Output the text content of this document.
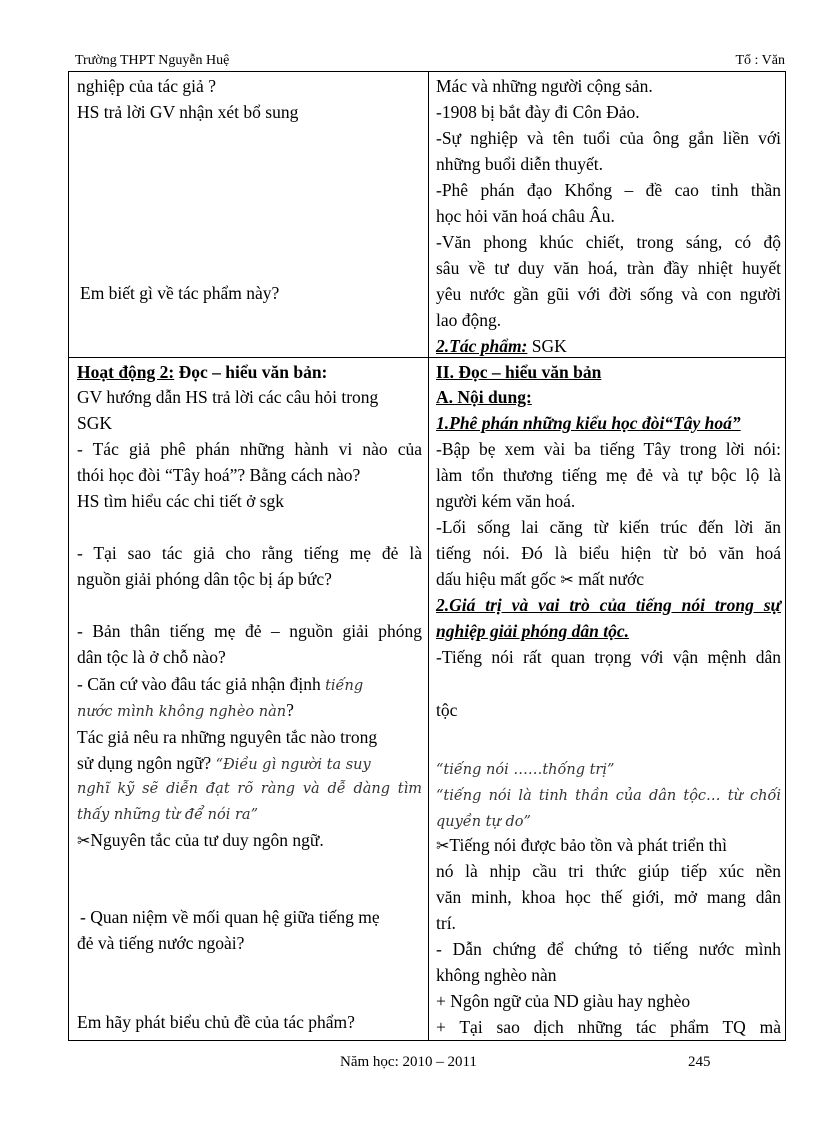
Trường THPT Nguyễn Huệ	Tổ : Văn
nghiệp của tác giả ?
HS trả lời GV nhận xét bổ sung
Em biết gì về tác phẩm này?
Hoạt động 2: Đọc – hiểu văn bản:
GV hướng dẫn HS trả lời các câu hỏi trong
SGK
- Tác giả phê phán những hành vi nào của
thói học đòi “Tây hoá”? Bằng cách nào?
HS tìm hiểu các chi tiết ở sgk
- Tại sao tác giả cho rằng tiếng mẹ đẻ là
nguồn giải phóng dân tộc bị áp bức?
- Bản thân tiếng mẹ đẻ – nguồn giải phóng
dân tộc là ở chỗ nào?
- Căn cứ vào đâu tác giả nhận định tiếng
nước mình không nghèo nàn?
Tác giả nêu ra những nguyên tắc nào trong
sử dụng ngôn ngữ? “Điều gì người ta suy
nghĩ kỹ sẽ diễn đạt rõ ràng và dễ dàng tìm
thấy những từ để nói ra”
✂Nguyên tắc của tư duy ngôn ngữ.
- Quan niệm về mối quan hệ giữa tiếng mẹ
đẻ và tiếng nước ngoài?
Em hãy phát biểu chủ đề của tác phẩm?
Mác và những người cộng sản.
-1908 bị bắt đày đi Côn Đảo.
-Sự nghiệp và tên tuổi của ông gắn liền với
những buổi diễn thuyết.
-Phê phán đạo Khổng – đề cao tinh thần
học hỏi văn hoá châu Âu.
-Văn phong khúc chiết, trong sáng, có độ
sâu về tư duy văn hoá, tràn đầy nhiệt huyết
yêu nước gần gũi với đời sống và con người
lao động.
2.Tác phẩm: SGK
II. Đọc – hiểu văn bản
A. Nội dung:
1.Phê phán những kiểu học đòi“Tây hoá”
-Bập bẹ xem vài ba tiếng Tây trong lời nói:
làm tổn thương tiếng mẹ đẻ và tự bộc lộ là
người kém văn hoá.
-Lối sống lai căng từ kiến trúc đến lời ăn
tiếng nói. Đó là biểu hiện từ bỏ văn hoá
dấu hiệu mất gốc ✂ mất nước
2.Giá trị và vai trò của tiếng nói trong sự
nghiệp giải phóng dân tộc.
-Tiếng nói rất quan trọng với vận mệnh dân
tộc
“tiếng nói ……thống trị”
“tiếng nói là tinh thần của dân tộc… từ chối
quyền tự do”
✂Tiếng nói được bảo tồn và phát triển thì
nó là nhịp cầu tri thức giúp tiếp xúc nền
văn minh, khoa học thế giới, mở mang dân
trí.
- Dẫn chứng để chứng tỏ tiếng nước mình
không nghèo nàn
+ Ngôn ngữ của ND giàu hay nghèo
+ Tại sao dịch những tác phẩm TQ mà
Năm học: 2010 – 2011	245
